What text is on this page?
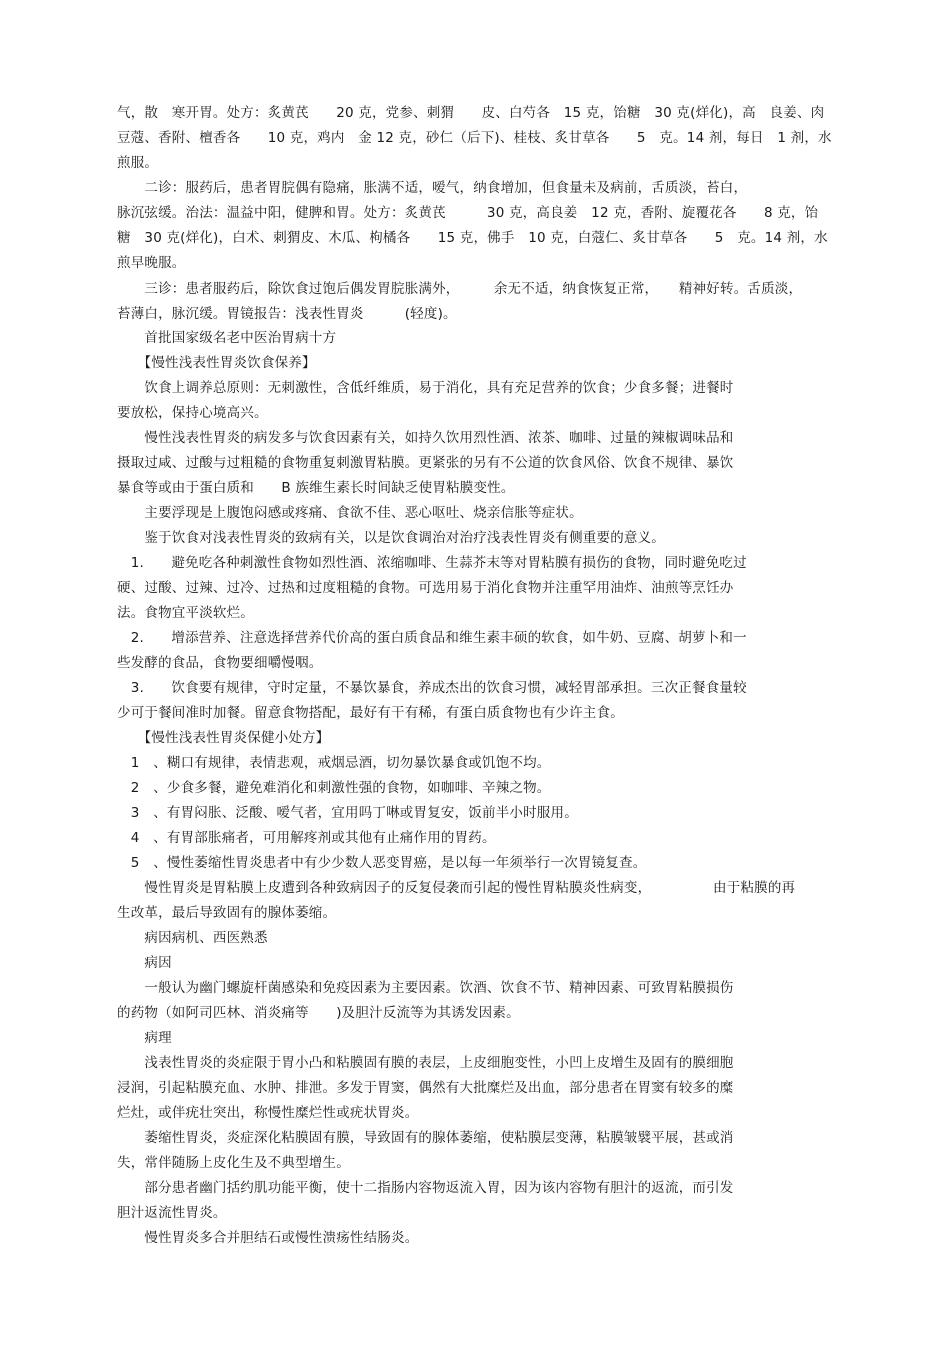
气，散　寒开胃。处方：炙黄芪　　20 克，党参、刺猬　　皮、白芍各　15 克，饴糖　30 克(烊化)，高　良姜、肉
豆蔻、香附、檀香各　　10 克，鸡内　金 12 克，砂仁（后下)、桂枝、炙甘草各　　5　克。14 剂，每日　1 剂，水
煎服。
　　二诊：服药后，患者胃脘偶有隐痛，胀满不适，嗳气，纳食增加，但食量未及病前，舌质淡，苔白，
脉沉弦缓。治法：温益中阳，健脾和胃。处方：炙黄芪　　　30 克，高良姜　12 克，香附、旋覆花各　　8 克，饴
糖　30 克(烊化)，白术、刺猬皮、木瓜、枸橘各　　15 克，佛手　10 克，白蔻仁、炙甘草各　　5　克。14 剂，水
煎早晚服。
　　三诊：患者服药后，除饮食过饱后偶发胃脘胀满外，　　　余无不适，纳食恢复正常，　　精神好转。舌质淡，
苔薄白，脉沉缓。胃镜报告：浅表性胃炎　　　(轻度)。
　　首批国家级名老中医治胃病十方
　　【慢性浅表性胃炎饮食保养】
　　饮食上调养总原则：无刺激性，含低纤维质，易于消化，具有充足营养的饮食；少食多餐；进餐时
要放松，保持心境高兴。
　　慢性浅表性胃炎的病发多与饮食因素有关，如持久饮用烈性酒、浓茶、咖啡、过量的辣椒调味品和
摄取过咸、过酸与过粗糙的食物重复刺激胃粘膜。更紧张的另有不公道的饮食风俗、饮食不规律、暴饮
暴食等或由于蛋白质和　　B 族维生素长时间缺乏使胃粘膜变性。
　　主要浮现是上腹饱闷感或疼痛、食欲不佳、恶心呕吐、烧亲信胀等症状。
　　鉴于饮食对浅表性胃炎的致病有关，以是饮食调治对治疗浅表性胃炎有侧重要的意义。
　1.　　避免吃各种刺激性食物如烈性酒、浓缩咖啡、生蒜芥末等对胃粘膜有损伤的食物，同时避免吃过
硬、过酸、过辣、过冷、过热和过度粗糙的食物。可选用易于消化食物并注重罕用油炸、油煎等烹饪办
法。食物宜平淡软烂。
　2.　　增添营养、注意选择营养代价高的蛋白质食品和维生素丰硕的软食，如牛奶、豆腐、胡萝卜和一
些发酵的食品，食物要细嚼慢咽。
　3.　　饮食要有规律，守时定量，不暴饮暴食，养成杰出的饮食习惯，减轻胃部承担。三次正餐食量较
少可于餐间准时加餐。留意食物搭配，最好有干有稀，有蛋白质食物也有少许主食。
　　【慢性浅表性胃炎保健小处方】
　1　、糊口有规律，表情悲观，戒烟忌酒，切勿暴饮暴食或饥饱不均。
　2　、少食多餐，避免难消化和刺激性强的食物，如咖啡、辛辣之物。
　3　、有胃闷胀、泛酸、嗳气者，宜用吗丁啉或胃复安，饭前半小时服用。
　4　、有胃部胀痛者，可用解疼剂或其他有止痛作用的胃药。
　5　、慢性萎缩性胃炎患者中有少少数人恶变胃癌，是以每一年须举行一次胃镜复查。
　　慢性胃炎是胃粘膜上皮遭到各种致病因子的反复侵袭而引起的慢性胃粘膜炎性病变，　　　　　由于粘膜的再
生改革，最后导致固有的腺体萎缩。
　　病因病机、西医熟悉
　　病因
　　一般认为幽门螺旋杆菌感染和免疫因素为主要因素。饮酒、饮食不节、精神因素、可致胃粘膜损伤
的药物（如阿司匹林、消炎痛等　　)及胆汁反流等为其诱发因素。
　　病理
　　浅表性胃炎的炎症限于胃小凸和粘膜固有膜的表层，上皮细胞变性，小凹上皮增生及固有的膜细胞
浸润，引起粘膜充血、水肿、排泄。多发于胃窦，偶然有大批糜烂及出血，部分患者在胃窦有较多的糜
烂灶，或伴疣壮突出，称慢性糜烂性或疣状胃炎。
　　萎缩性胃炎，炎症深化粘膜固有膜，导致固有的腺体萎缩，使粘膜层变薄，粘膜皱襞平展，甚或消
失，常伴随肠上皮化生及不典型增生。
　　部分患者幽门括约肌功能平衡，使十二指肠内容物返流入胃，因为该内容物有胆汁的返流，而引发
胆汁返流性胃炎。
　　慢性胃炎多合并胆结石或慢性溃疡性结肠炎。
